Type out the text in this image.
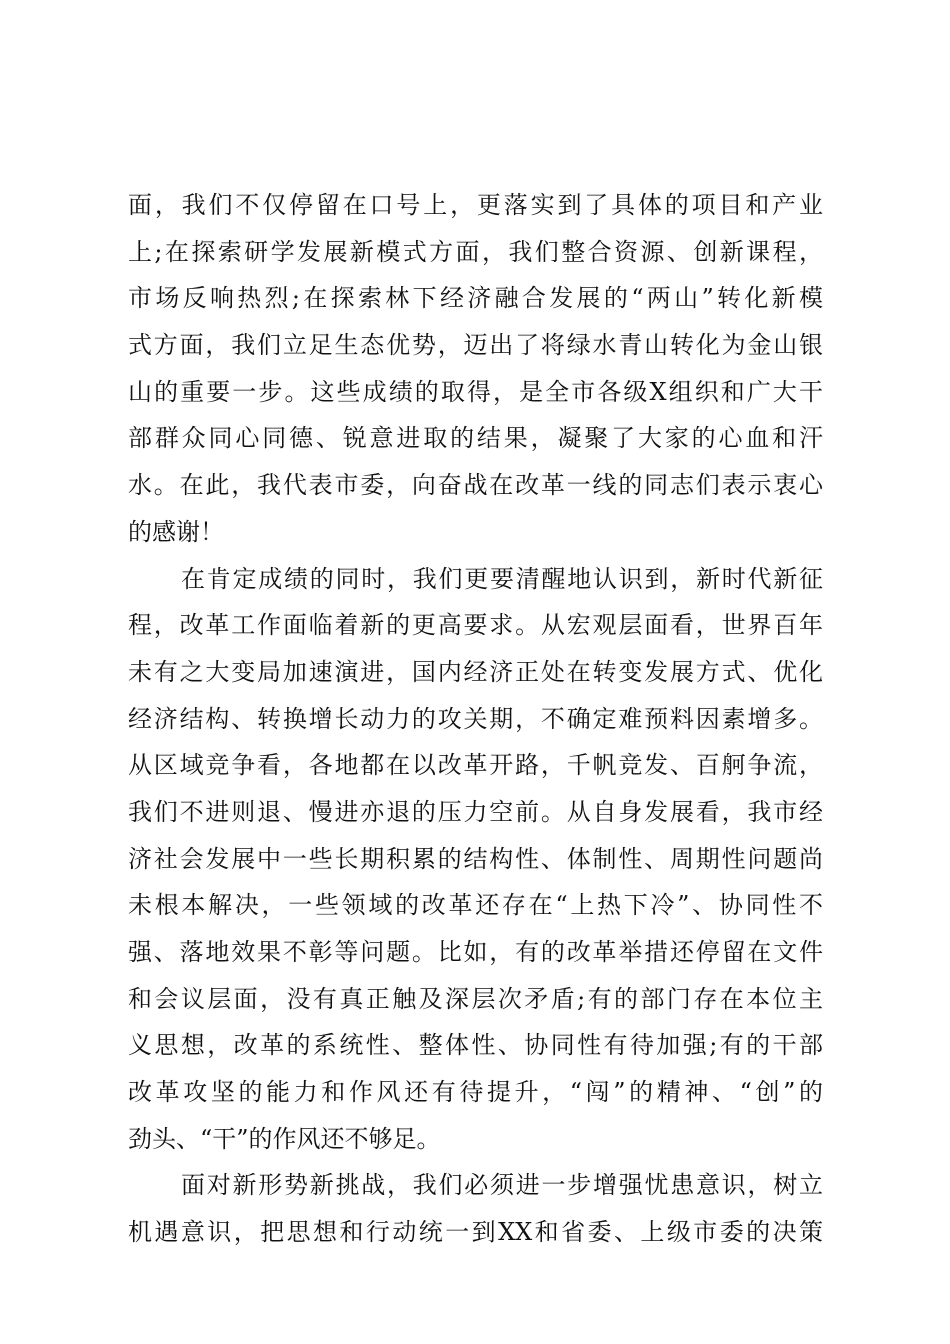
面，我们不仅停留在口号上，更落实到了具体的项目和产业
上;在探索研学发展新模式方面，我们整合资源、创新课程，
市场反响热烈;在探索林下经济融合发展的“两山”转化新模
式方面，我们立足生态优势，迈出了将绿水青山转化为金山银
山的重要一步。这些成绩的取得，是全市各级X组织和广大干
部群众同心同德、锐意进取的结果，凝聚了大家的心血和汗
水。在此，我代表市委，向奋战在改革一线的同志们表示衷心
的感谢！
在肯定成绩的同时，我们更要清醒地认识到，新时代新征
程，改革工作面临着新的更高要求。从宏观层面看，世界百年
未有之大变局加速演进，国内经济正处在转变发展方式、优化
经济结构、转换增长动力的攻关期，不确定难预料因素增多。
从区域竞争看，各地都在以改革开路，千帆竞发、百舸争流，
我们不进则退、慢进亦退的压力空前。从自身发展看，我市经
济社会发展中一些长期积累的结构性、体制性、周期性问题尚
未根本解决，一些领域的改革还存在“上热下冷”、协同性不
强、落地效果不彰等问题。比如，有的改革举措还停留在文件
和会议层面，没有真正触及深层次矛盾;有的部门存在本位主
义思想，改革的系统性、整体性、协同性有待加强;有的干部
改革攻坚的能力和作风还有待提升，“闯”的精神、“创”的
劲头、“干”的作风还不够足。
面对新形势新挑战，我们必须进一步增强忧患意识，树立
机遇意识，把思想和行动统一到XX和省委、上级市委的决策
